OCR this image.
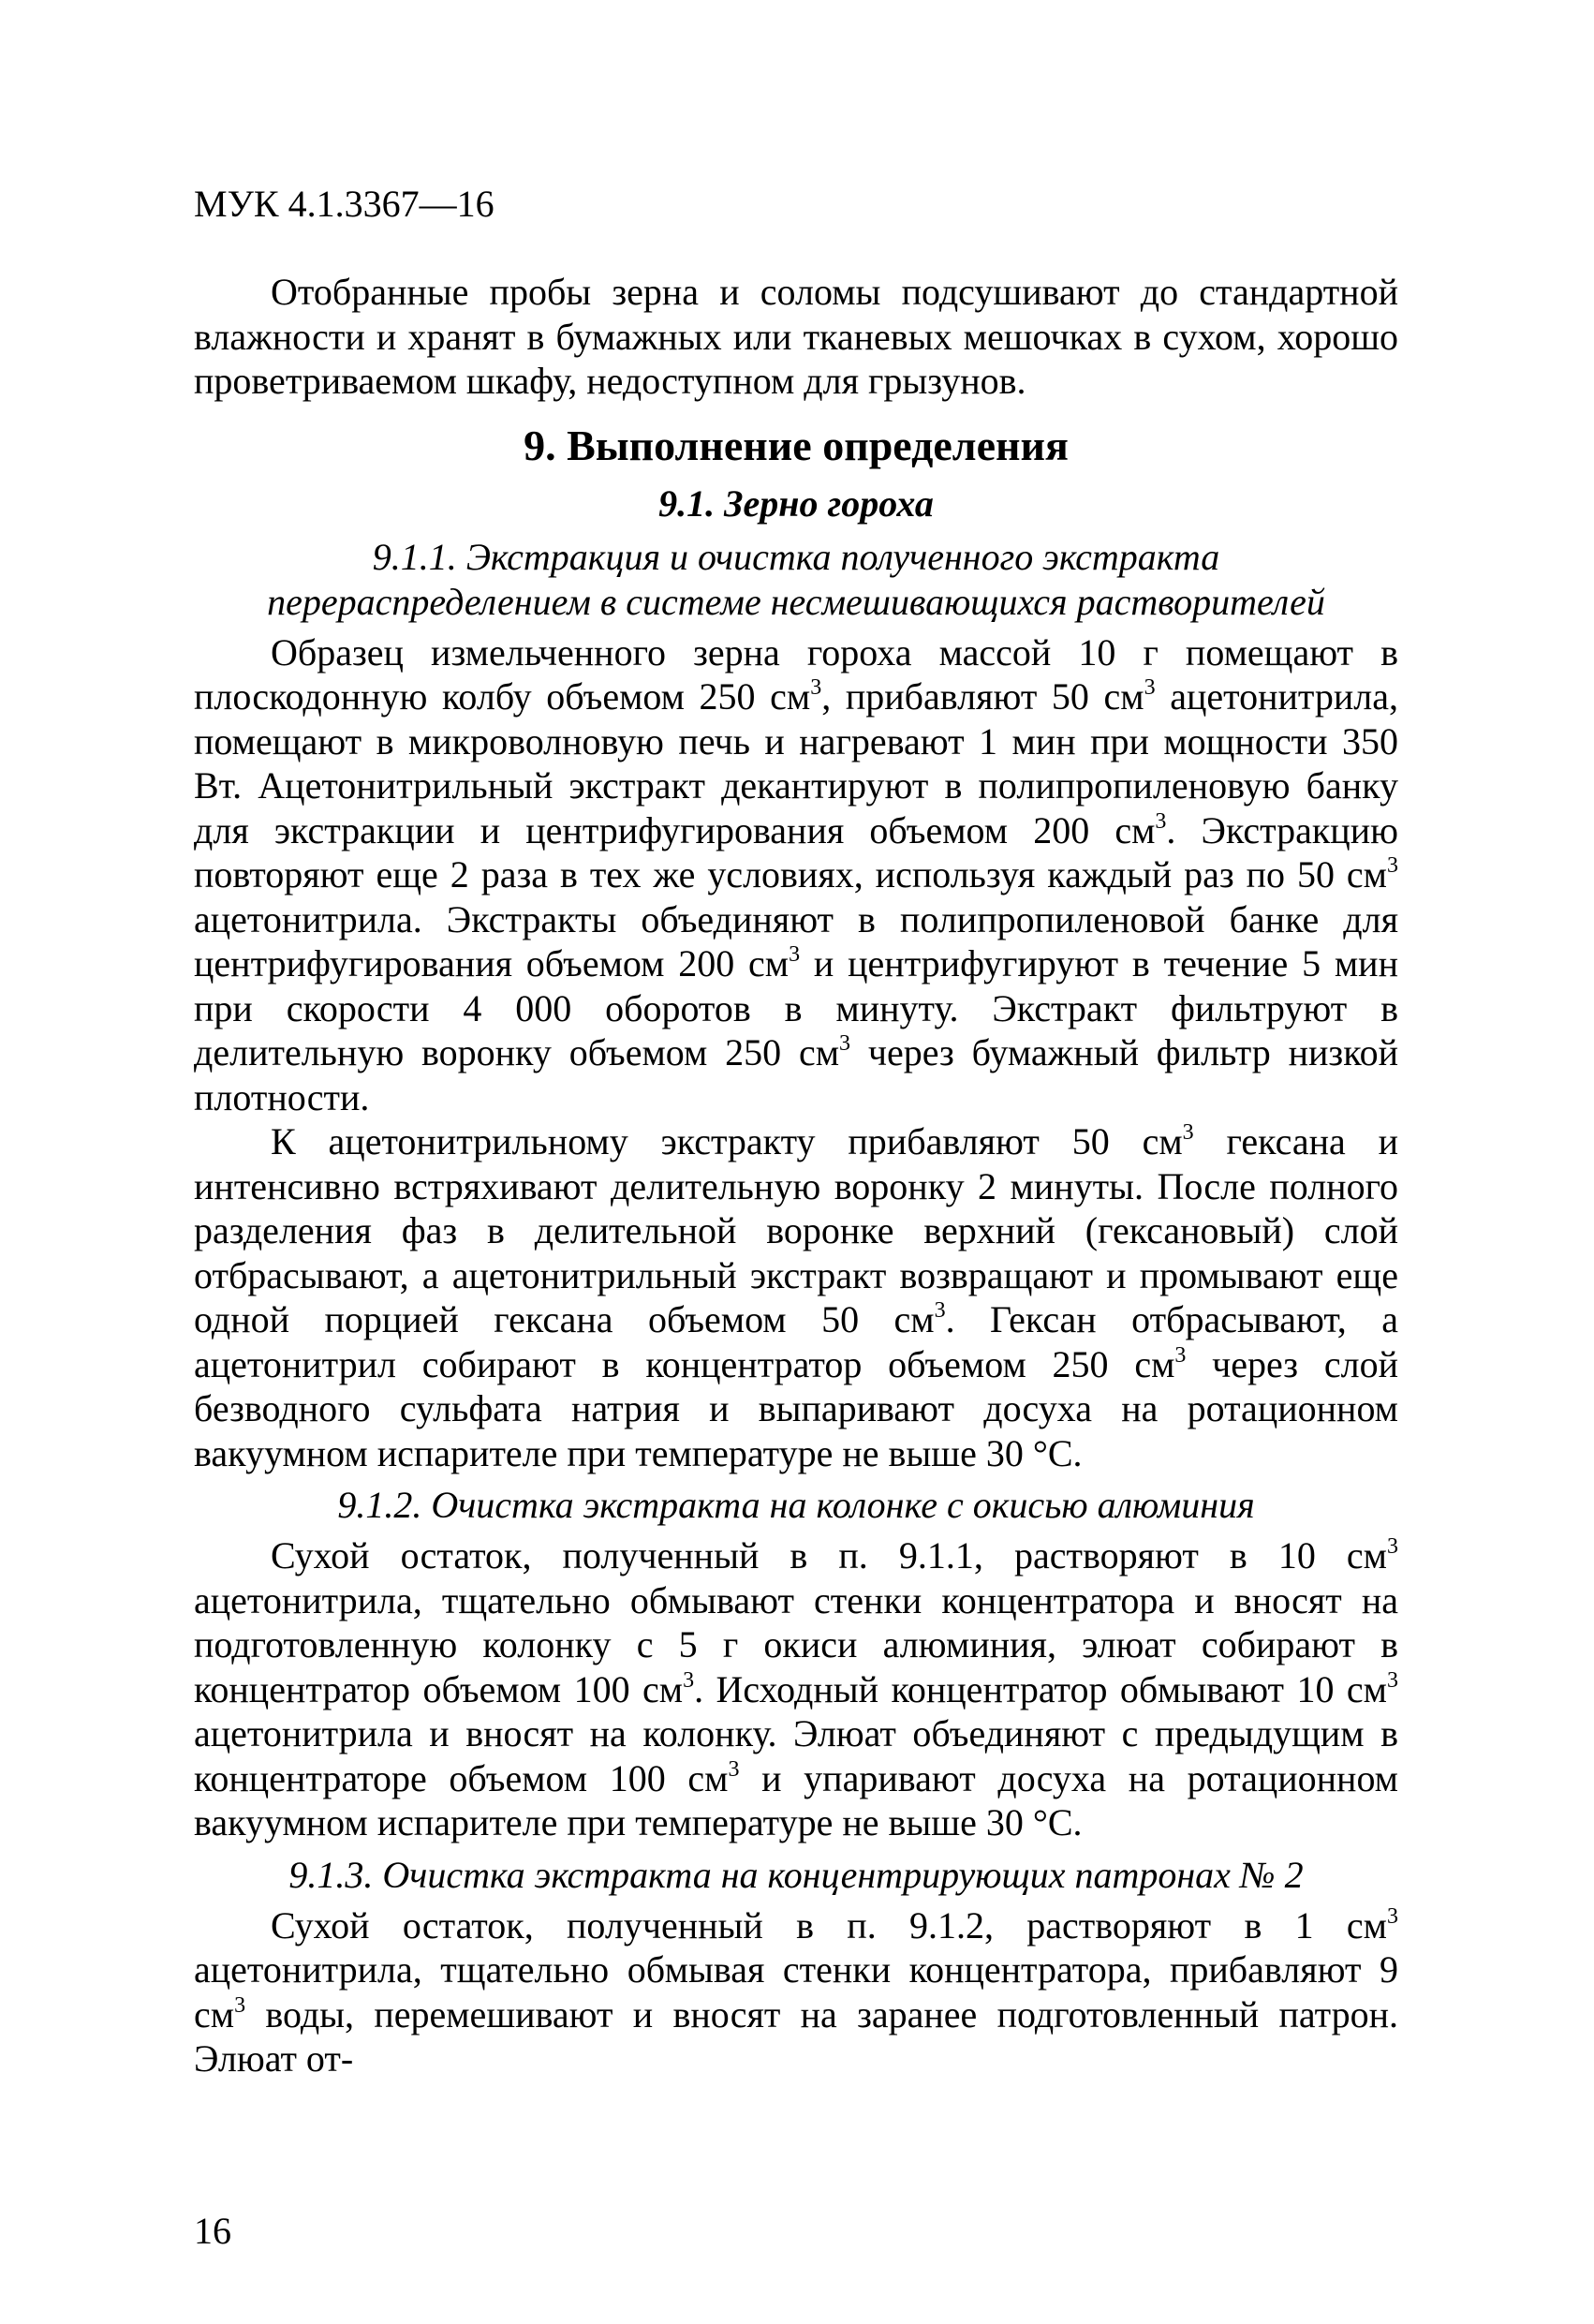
МУК 4.1.3367—16

Отобранные пробы зерна и соломы подсушивают до стандартной влажности и хранят в бумажных или тканевых мешочках в сухом, хорошо проветриваемом шкафу, недоступном для грызунов.

9. Выполнение определения
9.1. Зерно гороха
9.1.1. Экстракция и очистка полученного экстракта
перераспределением в системе несмешивающихся растворителей

Образец измельченного зерна гороха массой 10 г помещают в плоскодонную колбу объемом 250 $см^3$, прибавляют 50 $см^3$ ацетонитрила, помещают в микроволновую печь и нагревают 1 мин при мощности 350 Вт. Ацетонитрильный экстракт декантируют в полипропиленовую банку для экстракции и центрифугирования объемом 200 $см^3$. Экстракцию повторяют еще 2 раза в тех же условиях, используя каждый раз по 50 $см^3$ ацетонитрила. Экстракты объединяют в полипропиленовой банке для центрифугирования объемом 200 $см^3$ и центрифугируют в течение 5 мин при скорости 4 000 оборотов в минуту. Экстракт фильтруют в делительную воронку объемом 250 $см^3$ через бумажный фильтр низкой плотности.

К ацетонитрильному экстракту прибавляют 50 $см^3$ гексана и интенсивно встряхивают делительную воронку 2 минуты. После полного разделения фаз в делительной воронке верхний (гексановый) слой отбрасывают, а ацетонитрильный экстракт возвращают и промывают еще одной порцией гексана объемом 50 $см^3$. Гексан отбрасывают, а ацетонитрил собирают в концентратор объемом 250 $см^3$ через слой безводного сульфата натрия и выпаривают досуха на ротационном вакуумном испарителе при температуре не выше 30 °С.

9.1.2. Очистка экстракта на колонке с окисью алюминия

Сухой остаток, полученный в п. 9.1.1, растворяют в 10 $см^3$ ацетонитрила, тщательно обмывают стенки концентратора и вносят на подготовленную колонку с 5 г окиси алюминия, элюат собирают в концентратор объемом 100 $см^3$. Исходный концентратор обмывают 10 $см^3$ ацетонитрила и вносят на колонку. Элюат объединяют с предыдущим в концентраторе объемом 100 $см^3$ и упаривают досуха на ротационном вакуумном испарителе при температуре не выше 30 °С.

9.1.3. Очистка экстракта на концентрирующих патронах № 2

Сухой остаток, полученный в п. 9.1.2, растворяют в 1 $см^3$ ацетонитрила, тщательно обмывая стенки концентратора, прибавляют 9 $см^3$ воды, перемешивают и вносят на заранее подготовленный патрон. Элюат от-

16
